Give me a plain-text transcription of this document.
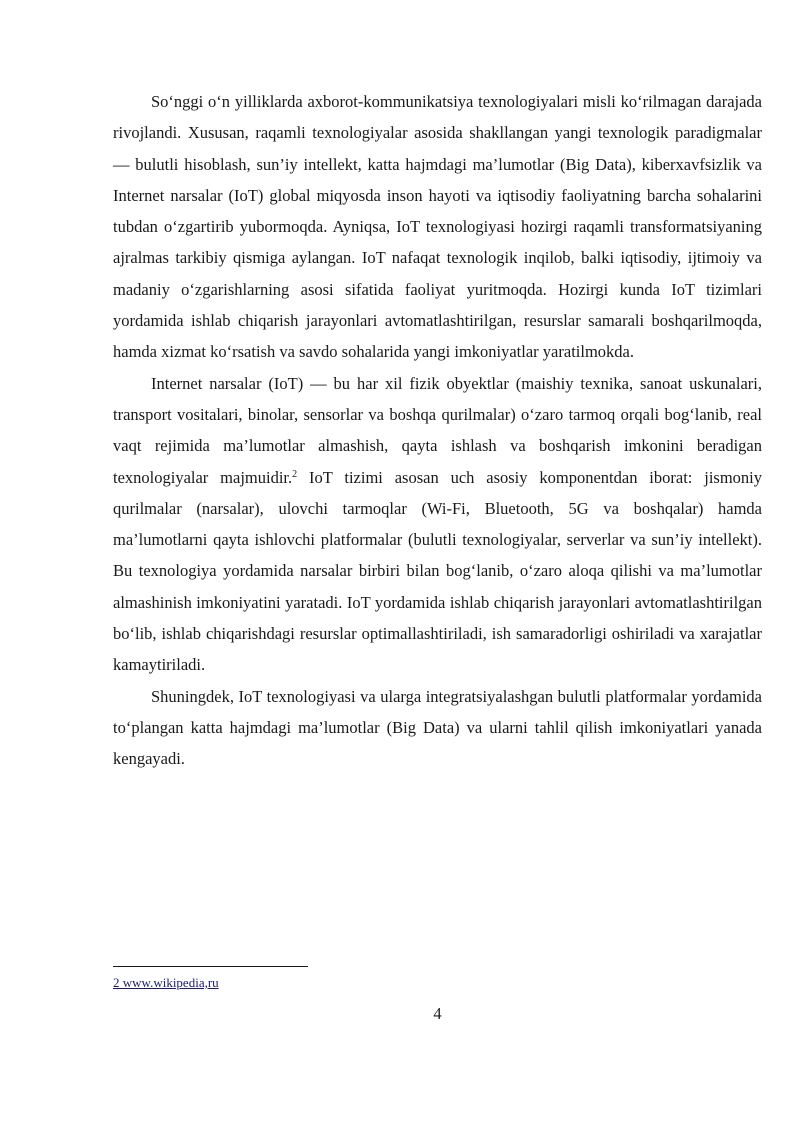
So‘nggi o‘n yilliklarda axborot-kommunikatsiya texnologiyalari misli ko‘rilmagan darajada rivojlandi. Xususan, raqamli texnologiyalar asosida shakllangan yangi texnologik paradigmalar — bulutli hisoblash, sun’iy intellekt, katta hajmdagi ma’lumotlar (Big Data), kiberxavfsizlik va Internet narsalar (IoT) global miqyosda inson hayoti va iqtisodiy faoliyatning barcha sohalarini tubdan o‘zgartirib yubormoqda. Ayniqsa, IoT texnologiyasi hozirgi raqamli transformatsiyaning ajralmas tarkibiy qismiga aylangan. IoT nafaqat texnologik inqilob, balki iqtisodiy, ijtimoiy va madaniy o‘zgarishlarning asosi sifatida faoliyat yuritmoqda. Hozirgi kunda IoT tizimlari yordamida ishlab chiqarish jarayonlari avtomatlashtirilgan, resurslar samarali boshqarilmoqda, hamda xizmat ko‘rsatish va savdo sohalarida yangi imkoniyatlar yaratilmokda.

Internet narsalar (IoT) — bu har xil fizik obyektlar (maishiy texnika, sanoat uskunalari, transport vositalari, binolar, sensorlar va boshqa qurilmalar) o‘zaro tarmoq orqali bog‘lanib, real vaqt rejimida ma’lumotlar almashish, qayta ishlash va boshqarish imkonini beradigan texnologiyalar majmuidir.$^2$ IoT tizimi asosan uch asosiy komponentdan iborat: jismoniy qurilmalar (narsalar), ulovchi tarmoqlar (Wi-Fi, Bluetooth, 5G va boshqalar) hamda ma’lumotlarni qayta ishlovchi platformalar (bulutli texnologiyalar, serverlar va sun’iy intellekt). Bu texnologiya yordamida narsalar birbiri bilan bog‘lanib, o‘zaro aloqa qilishi va ma’lumotlar almashinish imkoniyatini yaratadi. IoT yordamida ishlab chiqarish jarayonlari avtomatlashtirilgan bo‘lib, ishlab chiqarishdagi resurslar optimallashtiriladi, ish samaradorligi oshiriladi va xarajatlar kamaytiriladi.

Shuningdek, IoT texnologiyasi va ularga integratsiyalashgan bulutli platformalar yordamida to‘plangan katta hajmdagi ma’lumotlar (Big Data) va ularni tahlil qilish imkoniyatlari yanada kengayadi.

2 www.wikipedia,ru
4
